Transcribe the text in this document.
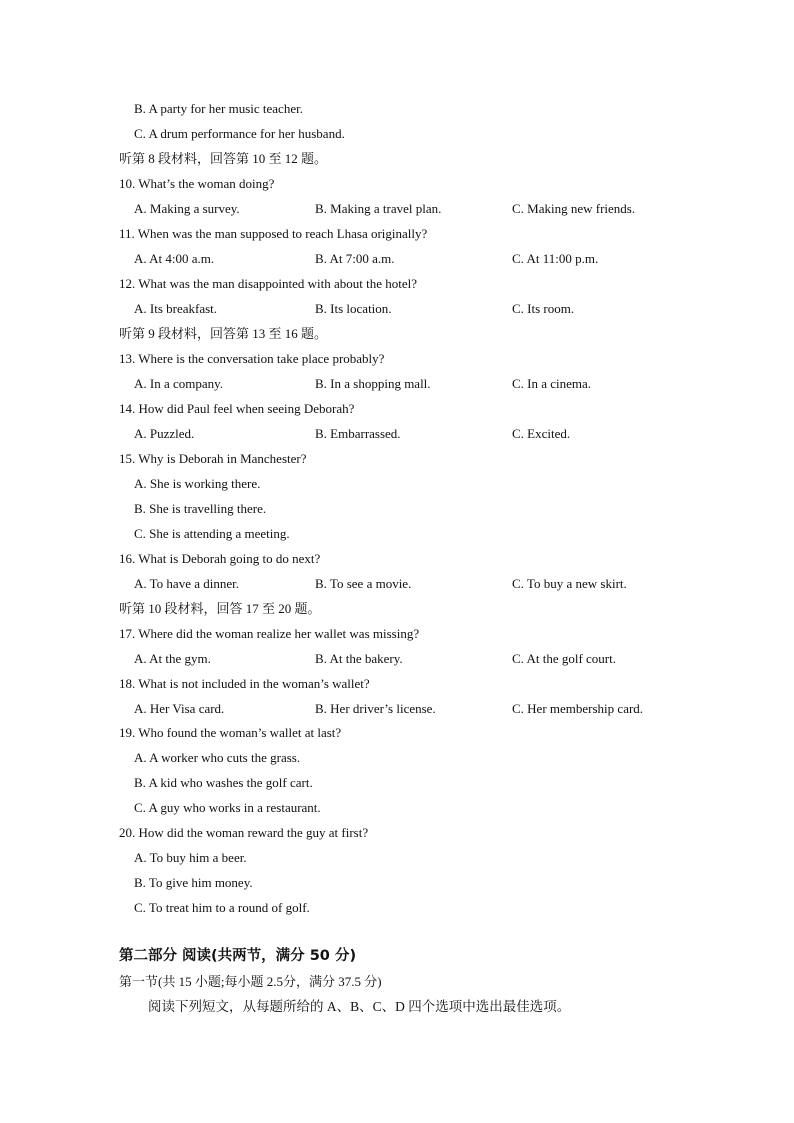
B. A party for her music teacher.
C. A drum performance for her husband.
听第 8 段材料，回答第 10 至 12 题。
10. What’s the woman doing?
A. Making a survey.	B. Making a travel plan.	C. Making new friends.
11. When was the man supposed to reach Lhasa originally?
A. At 4:00 a.m.	B. At 7:00 a.m.	C. At 11:00 p.m.
12. What was the man disappointed with about the hotel?
A. Its breakfast.	B. Its location.	C. Its room.
听第 9 段材料，回答第 13 至 16 题。
13. Where is the conversation take place probably?
A. In a company.	B. In a shopping mall.	C. In a cinema.
14. How did Paul feel when seeing Deborah?
A. Puzzled.	B. Embarrassed.	C. Excited.
15. Why is Deborah in Manchester?
A. She is working there.
B. She is travelling there.
C. She is attending a meeting.
16. What is Deborah going to do next?
A. To have a dinner.	B. To see a movie.	C. To buy a new skirt.
听第 10 段材料，回答 17 至 20 题。
17. Where did the woman realize her wallet was missing?
A. At the gym.	B. At the bakery.	C. At the golf court.
18. What is not included in the woman’s wallet?
A. Her Visa card.	B. Her driver’s license.	C. Her membership card.
19. Who found the woman’s wallet at last?
A. A worker who cuts the grass.
B. A kid who washes the golf cart.
C. A guy who works in a restaurant.
20. How did the woman reward the guy at first?
A. To buy him a beer.
B. To give him money.
C. To treat him to a round of golf.
第二部分 阅读(共两节，满分 50 分)
第一节(共 15 小题;每小题 2.5分，满分 37.5 分)
阅读下列短文，从每题所给的 A、B、C、D 四个选项中选出最佳选项。
